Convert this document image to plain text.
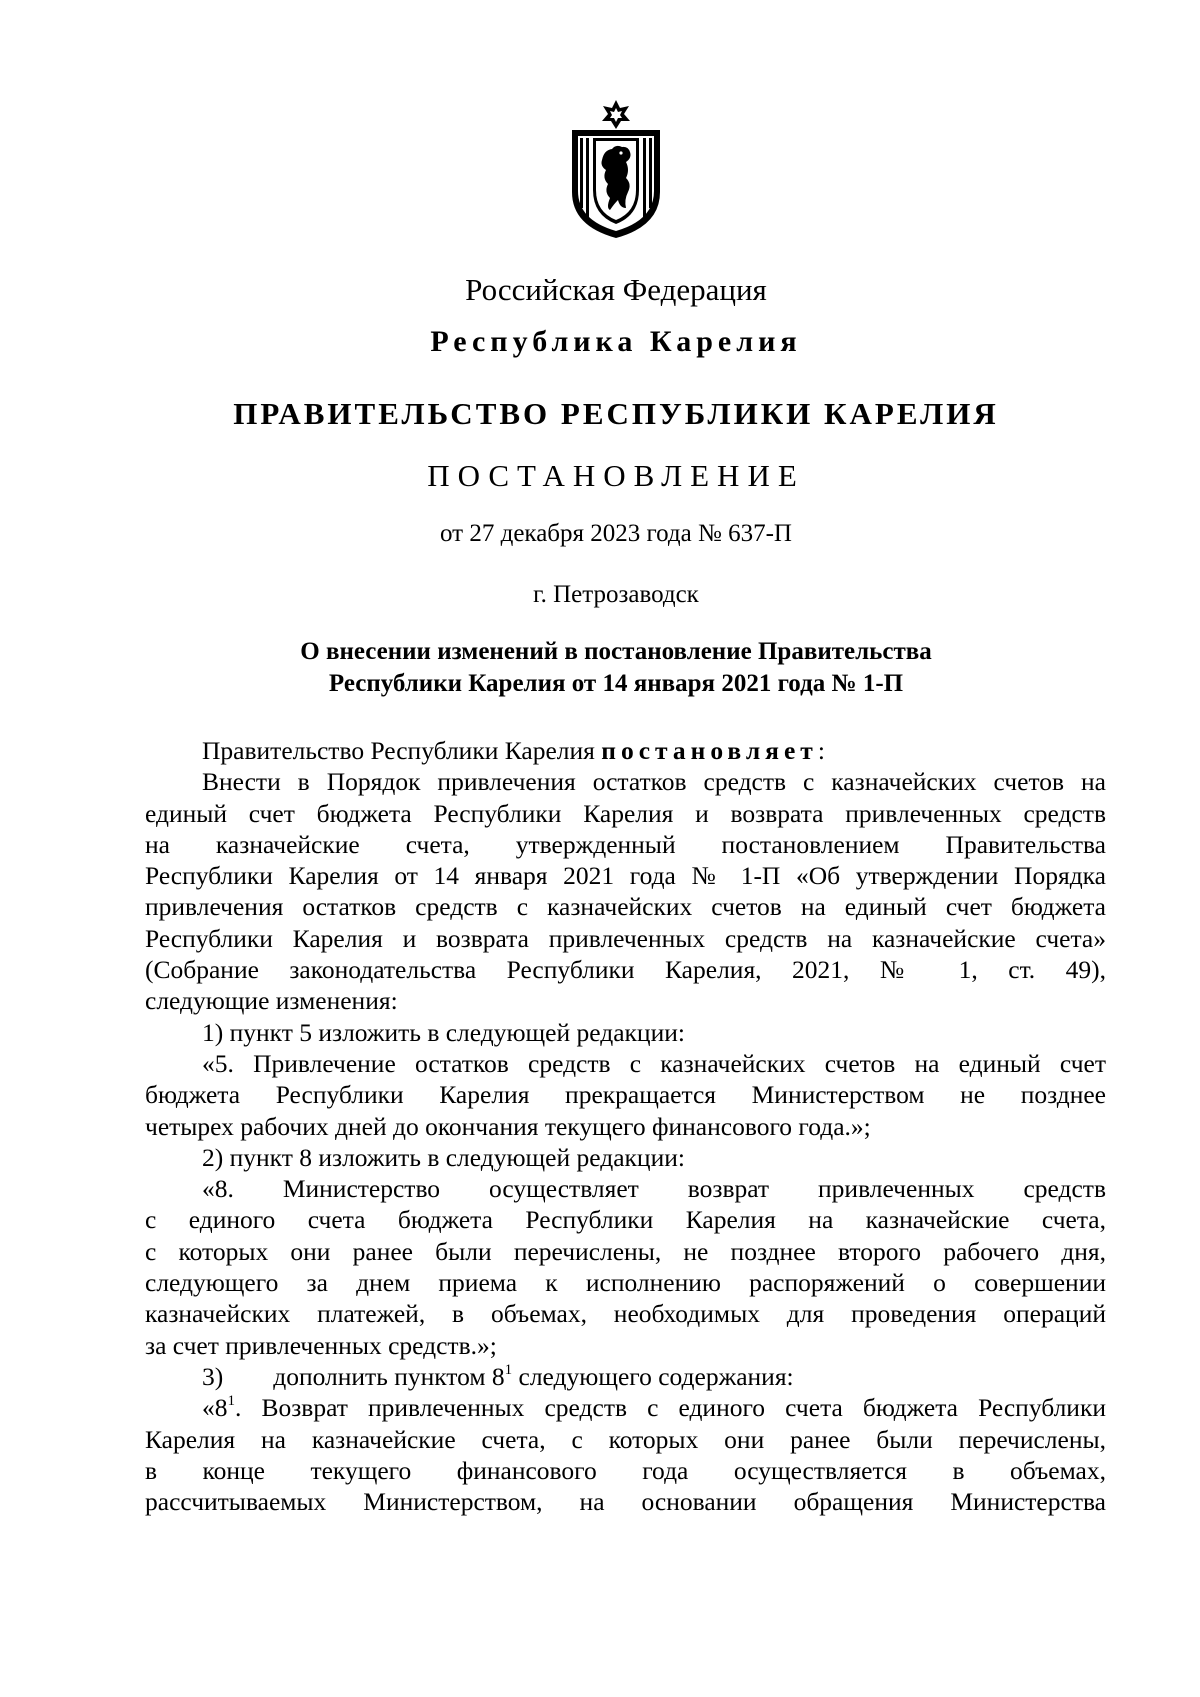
Российская Федерация
Республика Карелия
ПРАВИТЕЛЬСТВО РЕСПУБЛИКИ КАРЕЛИЯ
ПОСТАНОВЛЕНИЕ
от 27 декабря 2023 года № 637-П
г. Петрозаводск
О внесении изменений в постановление Правительства
Республики Карелия от 14 января 2021 года № 1-П

Правительство Республики Карелия постановляет:

Внести в Порядок привлечения остатков средств с казначейских счетов на

единый счет бюджета Республики Карелия и возврата привлеченных средств

на казначейские счета, утвержденный постановлением Правительства

Республики Карелия от 14 января 2021 года № 1-П «Об утверждении Порядка

привлечения остатков средств с казначейских счетов на единый счет бюджета

Республики Карелия и возврата привлеченных средств на казначейские счета»

(Собрание законодательства Республики Карелия, 2021, № 1, ст. 49),

следующие изменения:

1) пункт 5 изложить в следующей редакции:

«5. Привлечение остатков средств с казначейских счетов на единый счет

бюджета Республики Карелия прекращается Министерством не позднее

четырех рабочих дней до окончания текущего финансового года.»;

2) пункт 8 изложить в следующей редакции:

«8. Министерство осуществляет возврат привлеченных средств

с единого счета бюджета Республики Карелия на казначейские счета,

с которых они ранее были перечислены, не позднее второго рабочего дня,

следующего за днем приема к исполнению распоряжений о совершении

казначейских платежей, в объемах, необходимых для проведения операций

за счет привлеченных средств.»;

3) дополнить пунктом $8^1$ следующего содержания:

«$8^1$. Возврат привлеченных средств с единого счета бюджета Республики

Карелия на казначейские счета, с которых они ранее были перечислены,

в конце текущего финансового года осуществляется в объемах,

рассчитываемых Министерством, на основании обращения Министерства
